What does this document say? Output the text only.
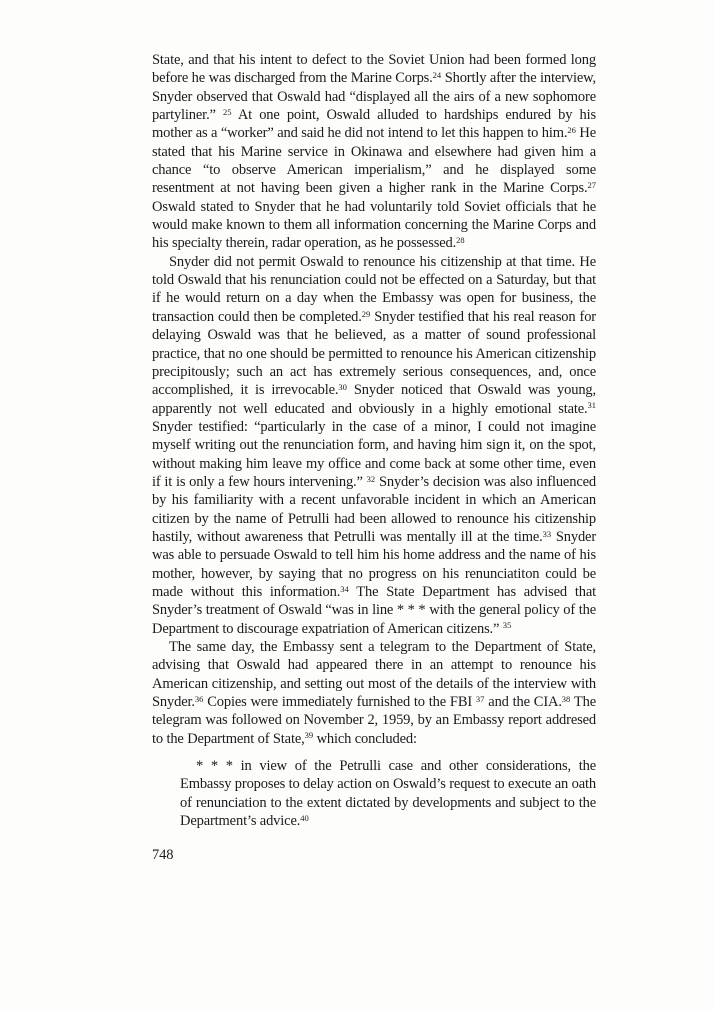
State, and that his intent to defect to the Soviet Union had been formed long before he was discharged from the Marine Corps.$^{24}$ Shortly after the interview, Snyder observed that Oswald had “displayed all the airs of a new sophomore partyliner.” $^{25}$ At one point, Oswald alluded to hardships endured by his mother as a “worker” and said he did not intend to let this happen to him.$^{26}$ He stated that his Marine service in Okinawa and elsewhere had given him a chance “to observe American imperialism,” and he displayed some resentment at not having been given a higher rank in the Marine Corps.$^{27}$ Oswald stated to Snyder that he had voluntarily told Soviet officials that he would make known to them all information concerning the Marine Corps and his specialty therein, radar operation, as he possessed.$^{28}$

Snyder did not permit Oswald to renounce his citizenship at that time. He told Oswald that his renunciation could not be effected on a Saturday, but that if he would return on a day when the Embassy was open for business, the transaction could then be completed.$^{29}$ Snyder testified that his real reason for delaying Oswald was that he believed, as a matter of sound professional practice, that no one should be permitted to renounce his American citizenship precipitously; such an act has extremely serious consequences, and, once accomplished, it is irrevocable.$^{30}$ Snyder noticed that Oswald was young, apparently not well educated and obviously in a highly emotional state.$^{31}$ Snyder testified: “particularly in the case of a minor, I could not imagine myself writing out the renunciation form, and having him sign it, on the spot, without making him leave my office and come back at some other time, even if it is only a few hours intervening.” $^{32}$ Snyder’s decision was also influenced by his familiarity with a recent unfavorable incident in which an American citizen by the name of Petrulli had been allowed to renounce his citizenship hastily, without awareness that Petrulli was mentally ill at the time.$^{33}$ Snyder was able to persuade Oswald to tell him his home address and the name of his mother, however, by saying that no progress on his renunciatiton could be made without this information.$^{34}$ The State Department has advised that Snyder’s treatment of Oswald “was in line * * * with the general policy of the Department to discourage expatriation of American citizens.” $^{35}$

The same day, the Embassy sent a telegram to the Department of State, advising that Oswald had appeared there in an attempt to renounce his American citizenship, and setting out most of the details of the interview with Snyder.$^{36}$ Copies were immediately furnished to the FBI $^{37}$ and the CIA.$^{38}$ The telegram was followed on November 2, 1959, by an Embassy report addresed to the Department of State,$^{39}$ which concluded:

* * * in view of the Petrulli case and other considerations, the Embassy proposes to delay action on Oswald’s request to execute an oath of renunciation to the extent dictated by developments and subject to the Department’s advice.$^{40}$
748
